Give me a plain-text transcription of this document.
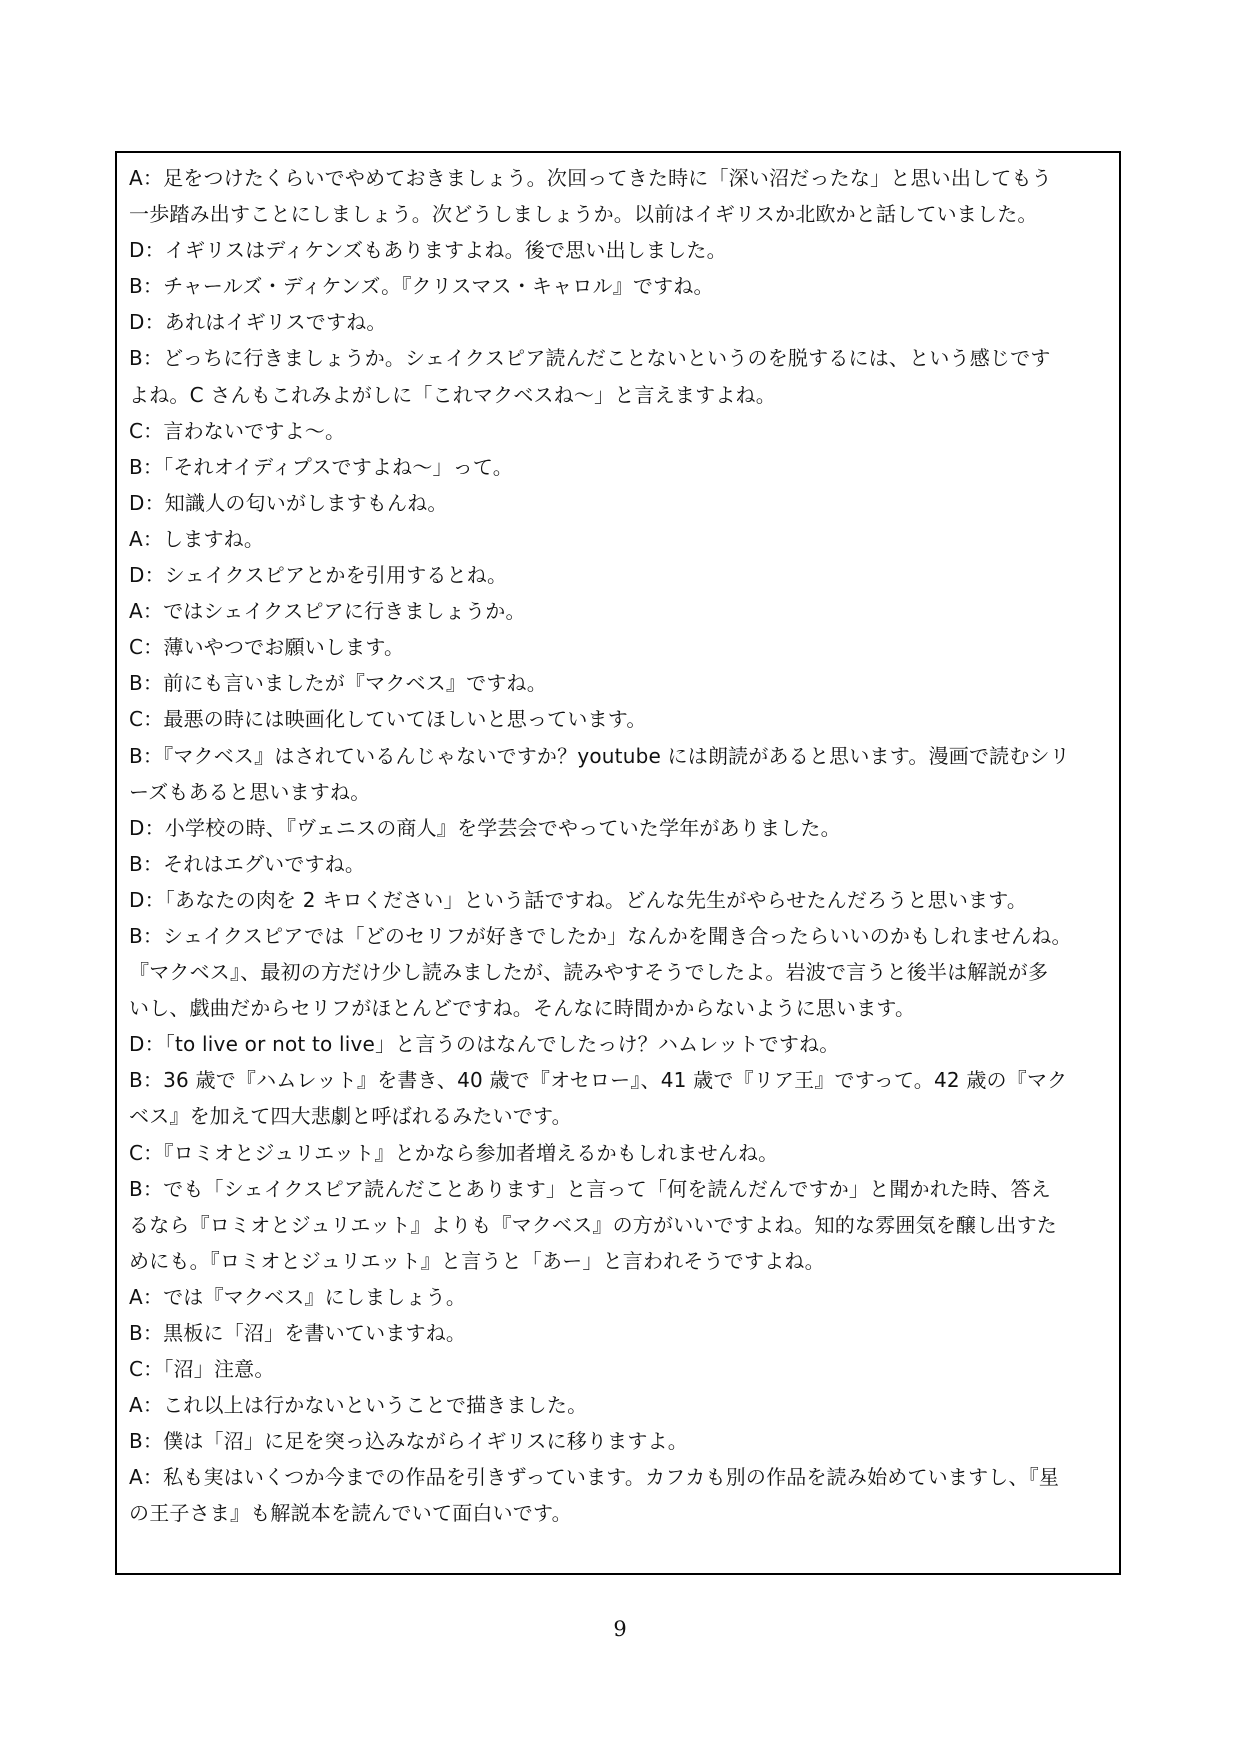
A：足をつけたくらいでやめておきましょう。次回ってきた時に「深い沼だったな」と思い出してもう
一歩踏み出すことにしましょう。次どうしましょうか。以前はイギリスか北欧かと話していました。
D：イギリスはディケンズもありますよね。後で思い出しました。
B：チャールズ・ディケンズ。『クリスマス・キャロル』ですね。
D：あれはイギリスですね。
B：どっちに行きましょうか。シェイクスピア読んだことないというのを脱するには、という感じです
よね。C さんもこれみよがしに「これマクベスね〜」と言えますよね。
C：言わないですよ〜。
B：「それオイディプスですよね〜」って。
D：知識人の匂いがしますもんね。
A：しますね。
D：シェイクスピアとかを引用するとね。
A：ではシェイクスピアに行きましょうか。
C：薄いやつでお願いします。
B：前にも言いましたが『マクベス』ですね。
C：最悪の時には映画化していてほしいと思っています。
B：『マクベス』はされているんじゃないですか？youtube には朗読があると思います。漫画で読むシリ
ーズもあると思いますね。
D：小学校の時、『ヴェニスの商人』を学芸会でやっていた学年がありました。
B：それはエグいですね。
D：「あなたの肉を 2 キロください」という話ですね。どんな先生がやらせたんだろうと思います。
B：シェイクスピアでは「どのセリフが好きでしたか」なんかを聞き合ったらいいのかもしれませんね。
『マクベス』、最初の方だけ少し読みましたが、読みやすそうでしたよ。岩波で言うと後半は解説が多
いし、戯曲だからセリフがほとんどですね。そんなに時間かからないように思います。
D：「to live or not to live」と言うのはなんでしたっけ？ハムレットですね。
B：36 歳で『ハムレット』を書き、40 歳で『オセロー』、41 歳で『リア王』ですって。42 歳の『マク
ベス』を加えて四大悲劇と呼ばれるみたいです。
C：『ロミオとジュリエット』とかなら参加者増えるかもしれませんね。
B：でも「シェイクスピア読んだことあります」と言って「何を読んだんですか」と聞かれた時、答え
るなら『ロミオとジュリエット』よりも『マクベス』の方がいいですよね。知的な雰囲気を醸し出すた
めにも。『ロミオとジュリエット』と言うと「あー」と言われそうですよね。
A：では『マクベス』にしましょう。
B：黒板に「沼」を書いていますね。
C：「沼」注意。
A：これ以上は行かないということで描きました。
B：僕は「沼」に足を突っ込みながらイギリスに移りますよ。
A：私も実はいくつか今までの作品を引きずっています。カフカも別の作品を読み始めていますし、『星
の王子さま』も解説本を読んでいて面白いです。
9
